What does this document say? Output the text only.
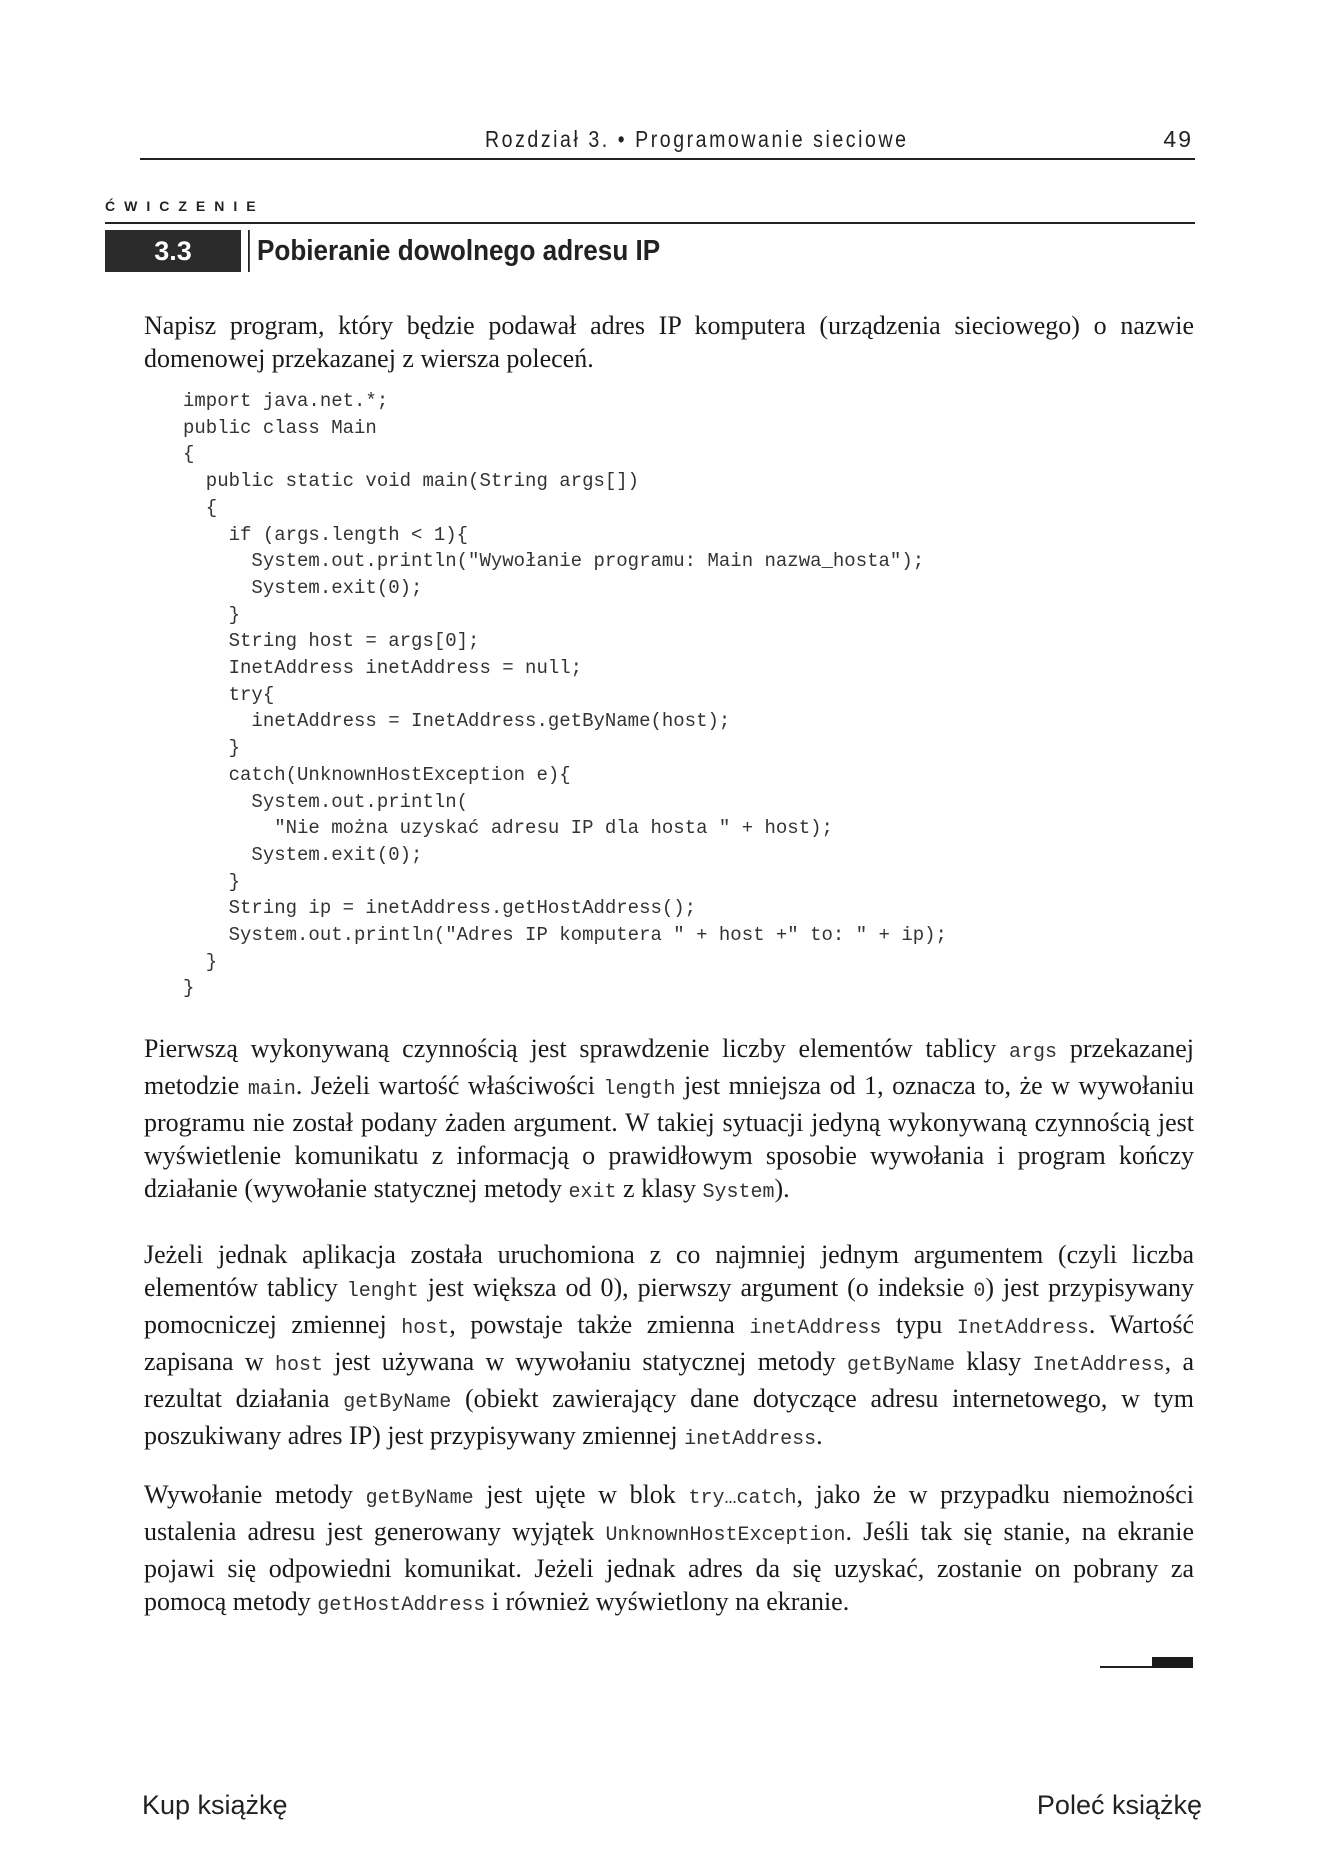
Rozdział 3. • Programowanie sieciowe	49
ĆWICZENIE
3.3	Pobieranie dowolnego adresu IP

Napisz program, który będzie podawał adres IP komputera (urządzenia sieciowego) o nazwie domenowej przekazanej z wiersza poleceń.

import java.net.*;
public class Main
{
public static void main(String args[])
{
if (args.length < 1){
System.out.println("Wywołanie programu: Main nazwa_hosta");
System.exit(0);
}
String host = args[0];
InetAddress inetAddress = null;
try{
inetAddress = InetAddress.getByName(host);
}
catch(UnknownHostException e){
System.out.println(
"Nie można uzyskać adresu IP dla hosta " + host);
System.exit(0);
}
String ip = inetAddress.getHostAddress();
System.out.println("Adres IP komputera " + host +" to: " + ip);
}
}

Pierwszą wykonywaną czynnością jest sprawdzenie liczby elementów tablicy args przekazanej metodzie main. Jeżeli wartość właściwości length jest mniejsza od 1, oznacza to, że w wywołaniu programu nie został podany żaden argument. W takiej sytuacji jedyną wykonywaną czynnością jest wyświetlenie komunikatu z informacją o prawidłowym sposobie wywołania i program kończy działanie (wywołanie statycznej metody exit z klasy System).

Jeżeli jednak aplikacja została uruchomiona z co najmniej jednym argumentem (czyli liczba elementów tablicy lenght jest większa od 0), pierwszy argument (o indeksie 0) jest przypisywany pomocniczej zmiennej host, powstaje także zmienna inetAddress typu InetAddress. Wartość zapisana w host jest używana w wywołaniu statycznej metody getByName klasy InetAddress, a rezultat działania getByName (obiekt zawierający dane dotyczące adresu internetowego, w tym poszukiwany adres IP) jest przypisywany zmiennej inetAddress.

Wywołanie metody getByName jest ujęte w blok try…catch, jako że w przypadku niemożności ustalenia adresu jest generowany wyjątek UnknownHostException. Jeśli tak się stanie, na ekranie pojawi się odpowiedni komunikat. Jeżeli jednak adres da się uzyskać, zostanie on pobrany za pomocą metody getHostAddress i również wyświetlony na ekranie.

Kup książkę	Poleć książkę
